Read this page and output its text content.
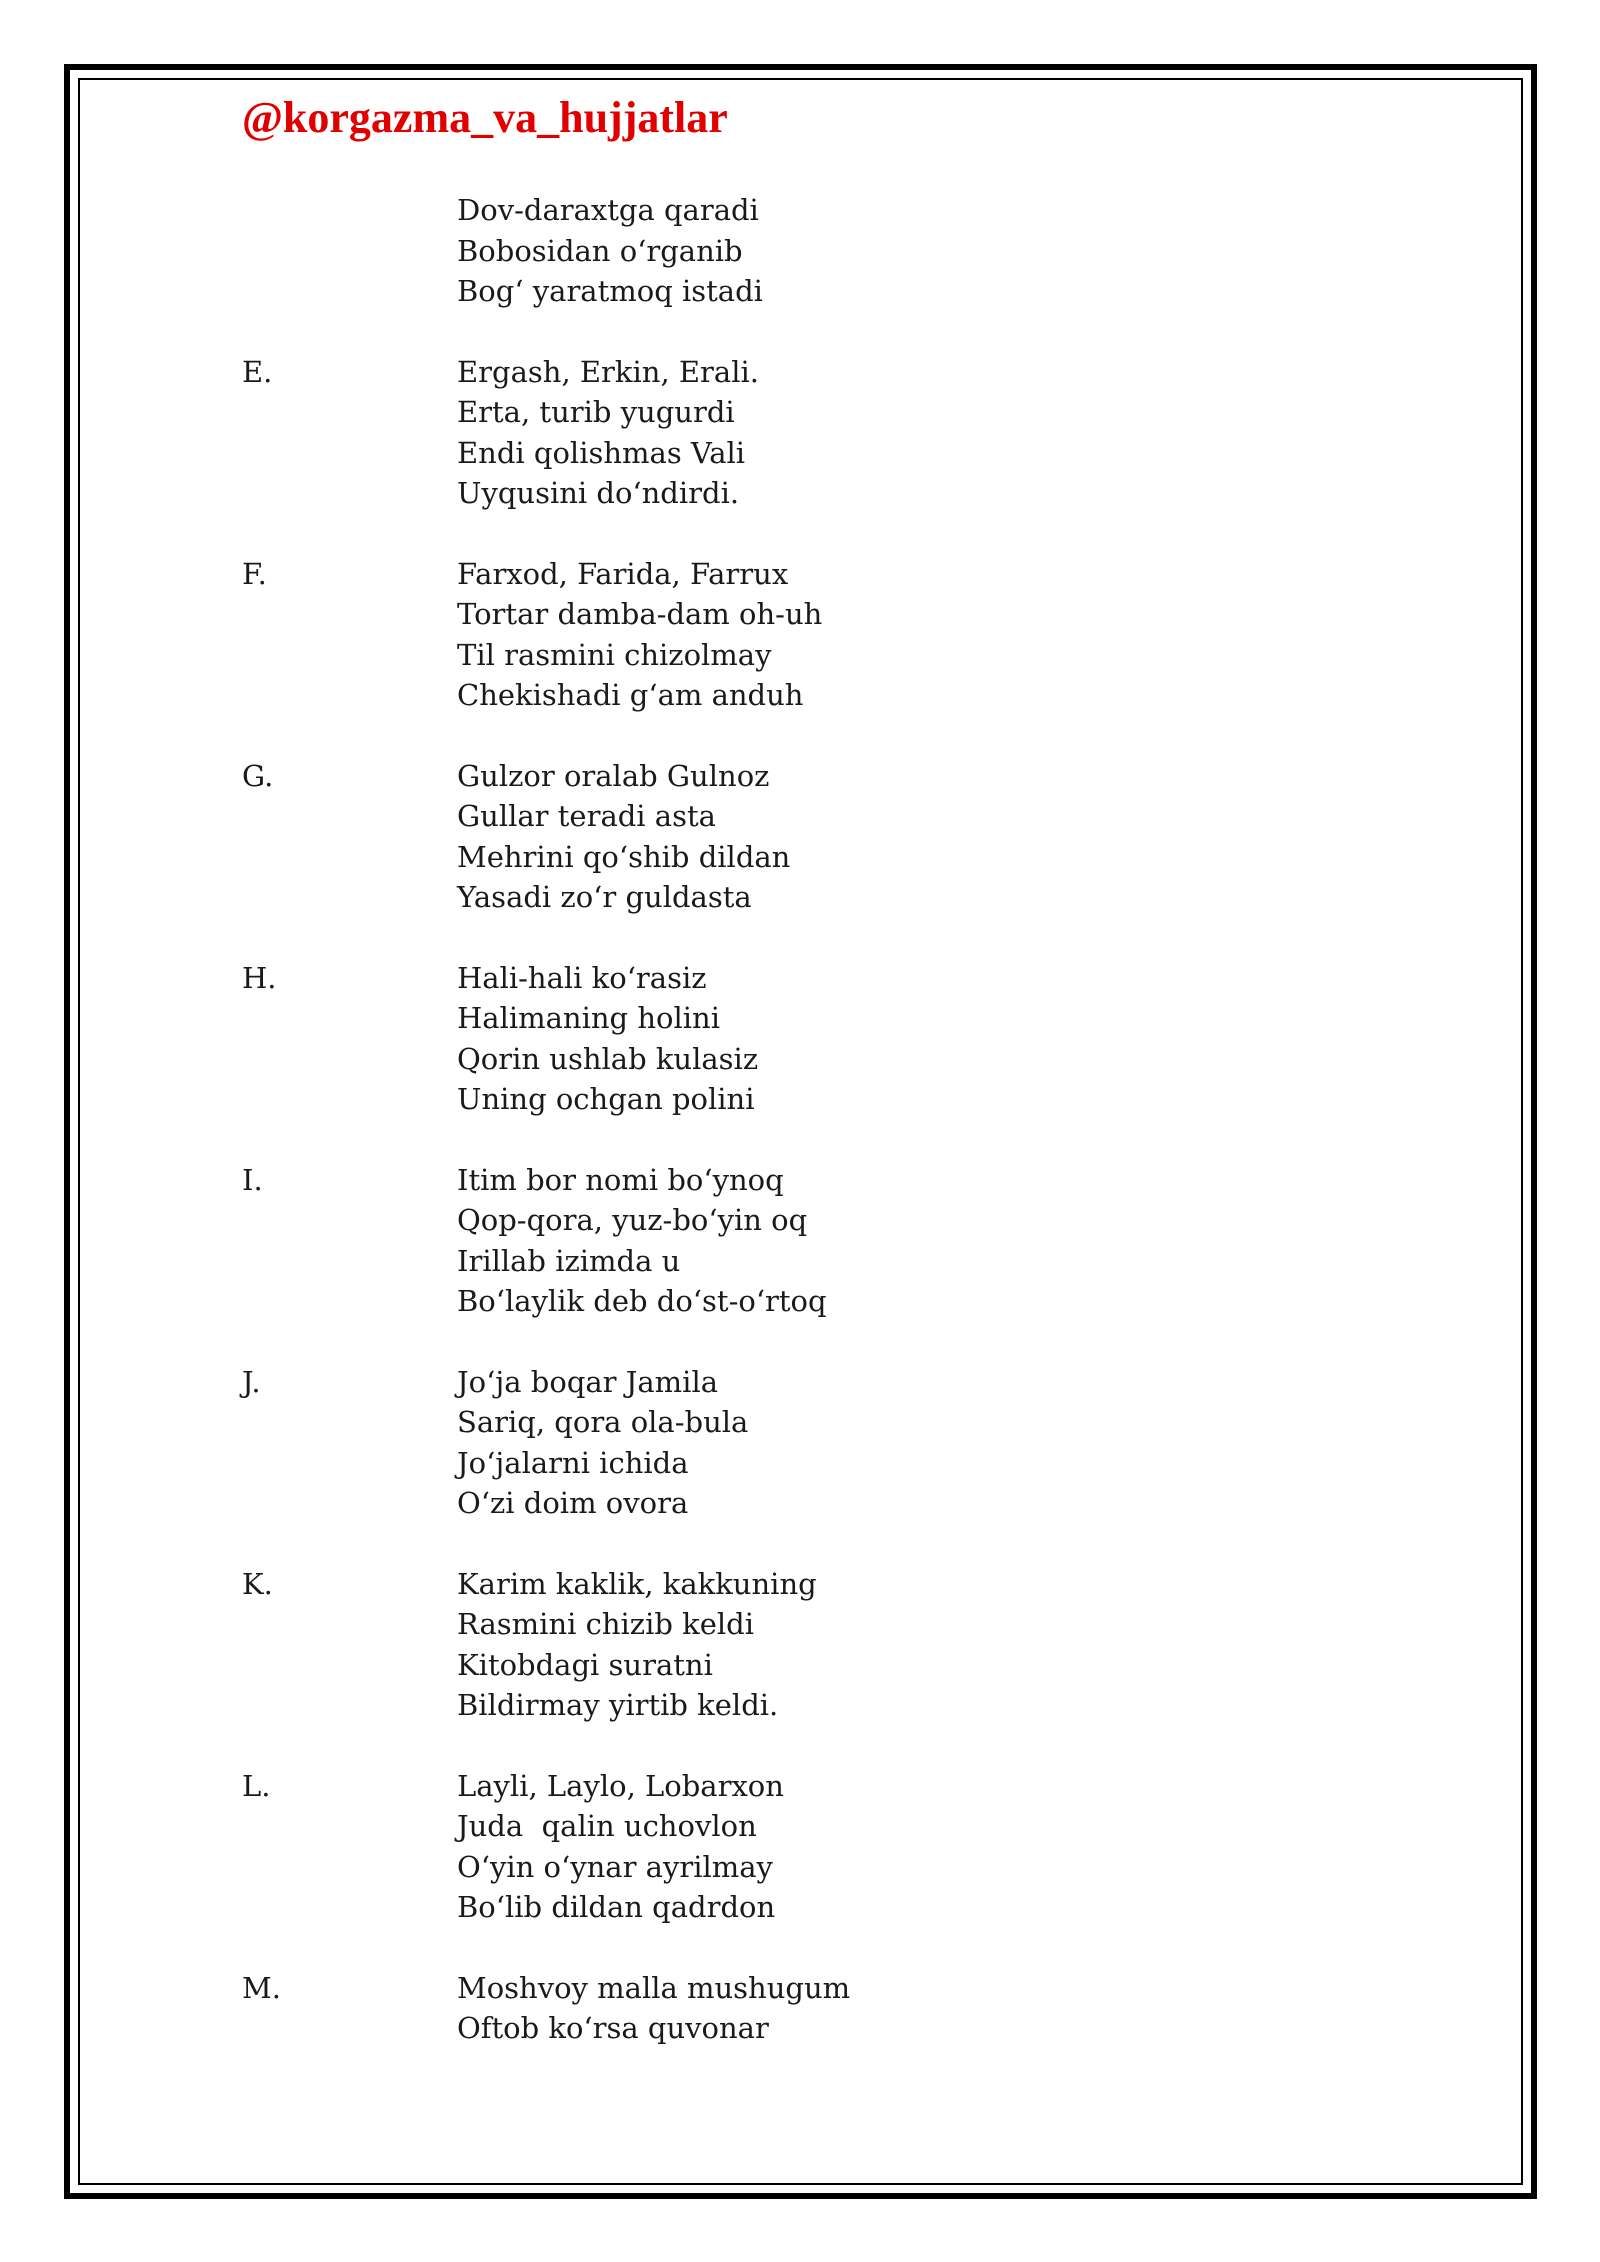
@korgazma_va_hujjatlar
Dov-daraxtga qaradi
Bobosidan o‘rganib
Bog‘ yaratmoq istadi
E.	Ergash, Erkin, Erali.
Erta, turib yugurdi
Endi qolishmas Vali
Uyqusini do‘ndirdi.
F.	Farxod, Farida, Farrux
Tortar damba-dam oh-uh
Til rasmini chizolmay
Chekishadi g‘am anduh
G.	Gulzor oralab Gulnoz
Gullar teradi asta
Mehrini qo‘shib dildan
Yasadi zo‘r guldasta
H.	Hali-hali ko‘rasiz
Halimaning holini
Qorin ushlab kulasiz
Uning ochgan polini
I.	Itim bor nomi bo‘ynoq
Qop-qora, yuz-bo‘yin oq
Irillab izimda u
Bo‘laylik deb do‘st-o‘rtoq
J.	Jo‘ja boqar Jamila
Sariq, qora ola-bula
Jo‘jalarni ichida
O‘zi doim ovora
K.	Karim kaklik, kakkuning
Rasmini chizib keldi
Kitobdagi suratni
Bildirmay yirtib keldi.
L.	Layli, Laylo, Lobarxon
Juda  qalin uchovlon
O‘yin o‘ynar ayrilmay
Bo‘lib dildan qadrdon
M.	Moshvoy malla mushugum
Oftob ko‘rsa quvonar
